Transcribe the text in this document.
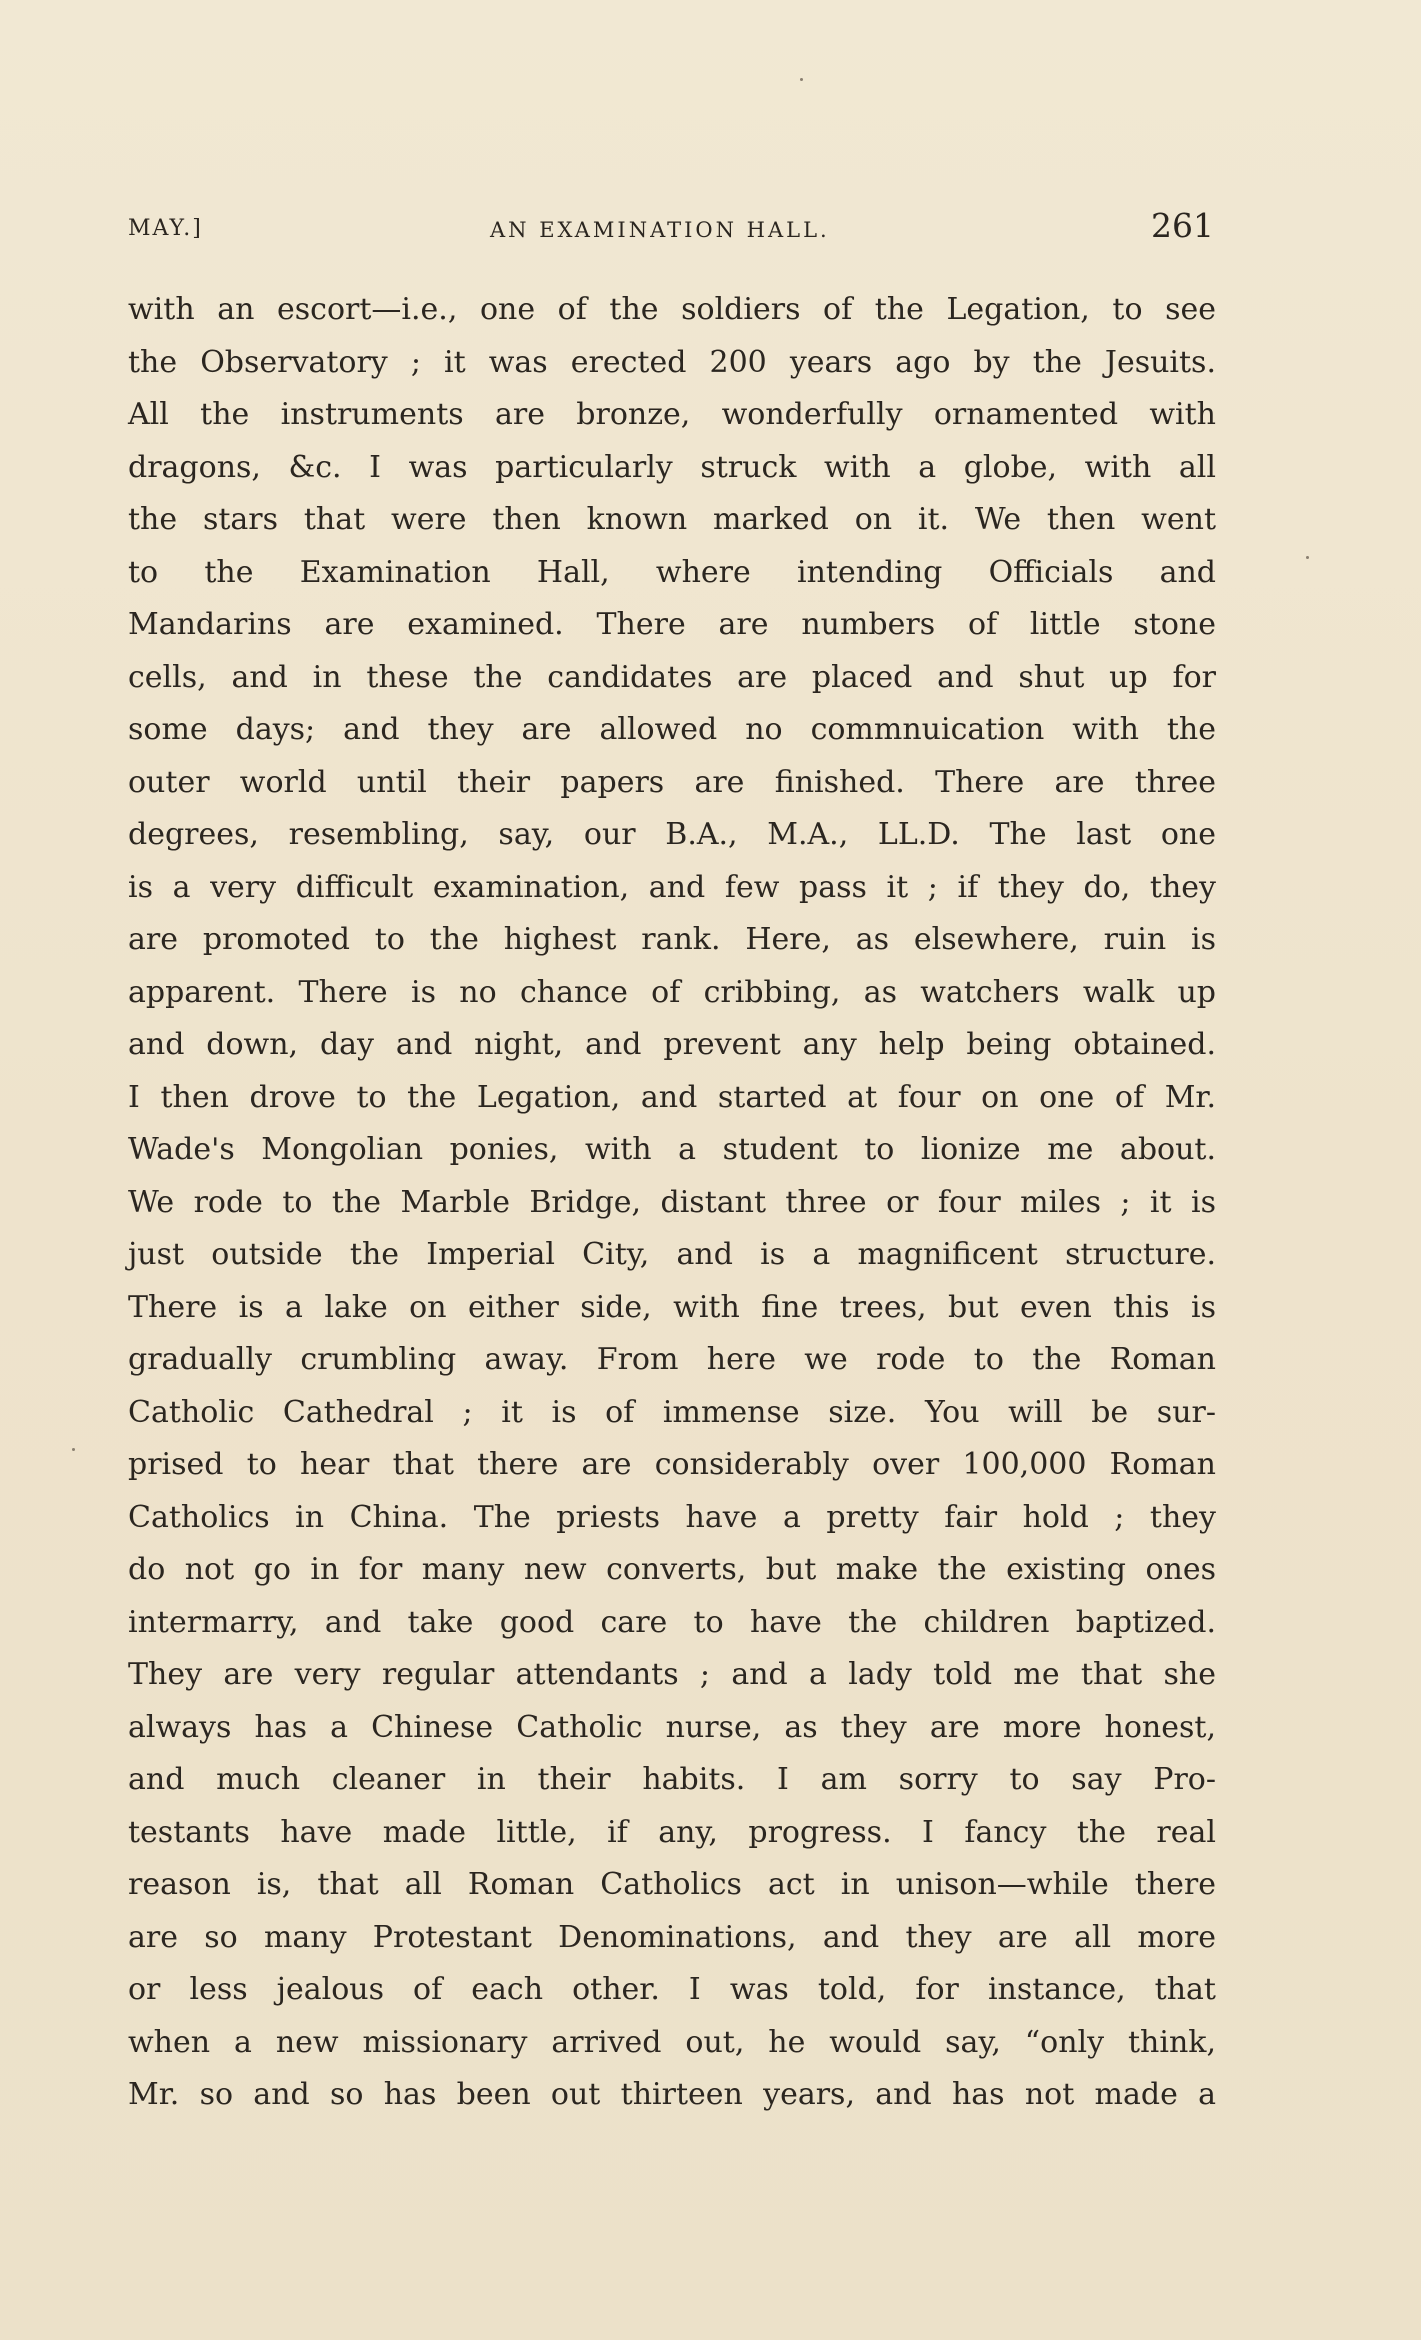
MAY.]	AN EXAMINATION HALL.	261
with an escort—i.e., one of the soldiers of the Legation, to see
the Observatory ; it was erected 200 years ago by the Jesuits.
All the instruments are bronze, wonderfully ornamented with
dragons, &c. I was particularly struck with a globe, with all
the stars that were then known marked on it. We then went
to the Examination Hall, where intending Officials and
Mandarins are examined. There are numbers of little stone
cells, and in these the candidates are placed and shut up for
some days; and they are allowed no commnuication with the
outer world until their papers are finished. There are three
degrees, resembling, say, our B.A., M.A., LL.D. The last one
is a very difficult examination, and few pass it ; if they do, they
are promoted to the highest rank. Here, as elsewhere, ruin is
apparent. There is no chance of cribbing, as watchers walk up
and down, day and night, and prevent any help being obtained.
I then drove to the Legation, and started at four on one of Mr.
Wade's Mongolian ponies, with a student to lionize me about.
We rode to the Marble Bridge, distant three or four miles ; it is
just outside the Imperial City, and is a magnificent structure.
There is a lake on either side, with fine trees, but even this is
gradually crumbling away. From here we rode to the Roman
Catholic Cathedral ; it is of immense size. You will be sur-
prised to hear that there are considerably over 100,000 Roman
Catholics in China. The priests have a pretty fair hold ; they
do not go in for many new converts, but make the existing ones
intermarry, and take good care to have the children baptized.
They are very regular attendants ; and a lady told me that she
always has a Chinese Catholic nurse, as they are more honest,
and much cleaner in their habits. I am sorry to say Pro-
testants have made little, if any, progress. I fancy the real
reason is, that all Roman Catholics act in unison—while there
are so many Protestant Denominations, and they are all more
or less jealous of each other. I was told, for instance, that
when a new missionary arrived out, he would say, “only think,
Mr. so and so has been out thirteen years, and has not made a
